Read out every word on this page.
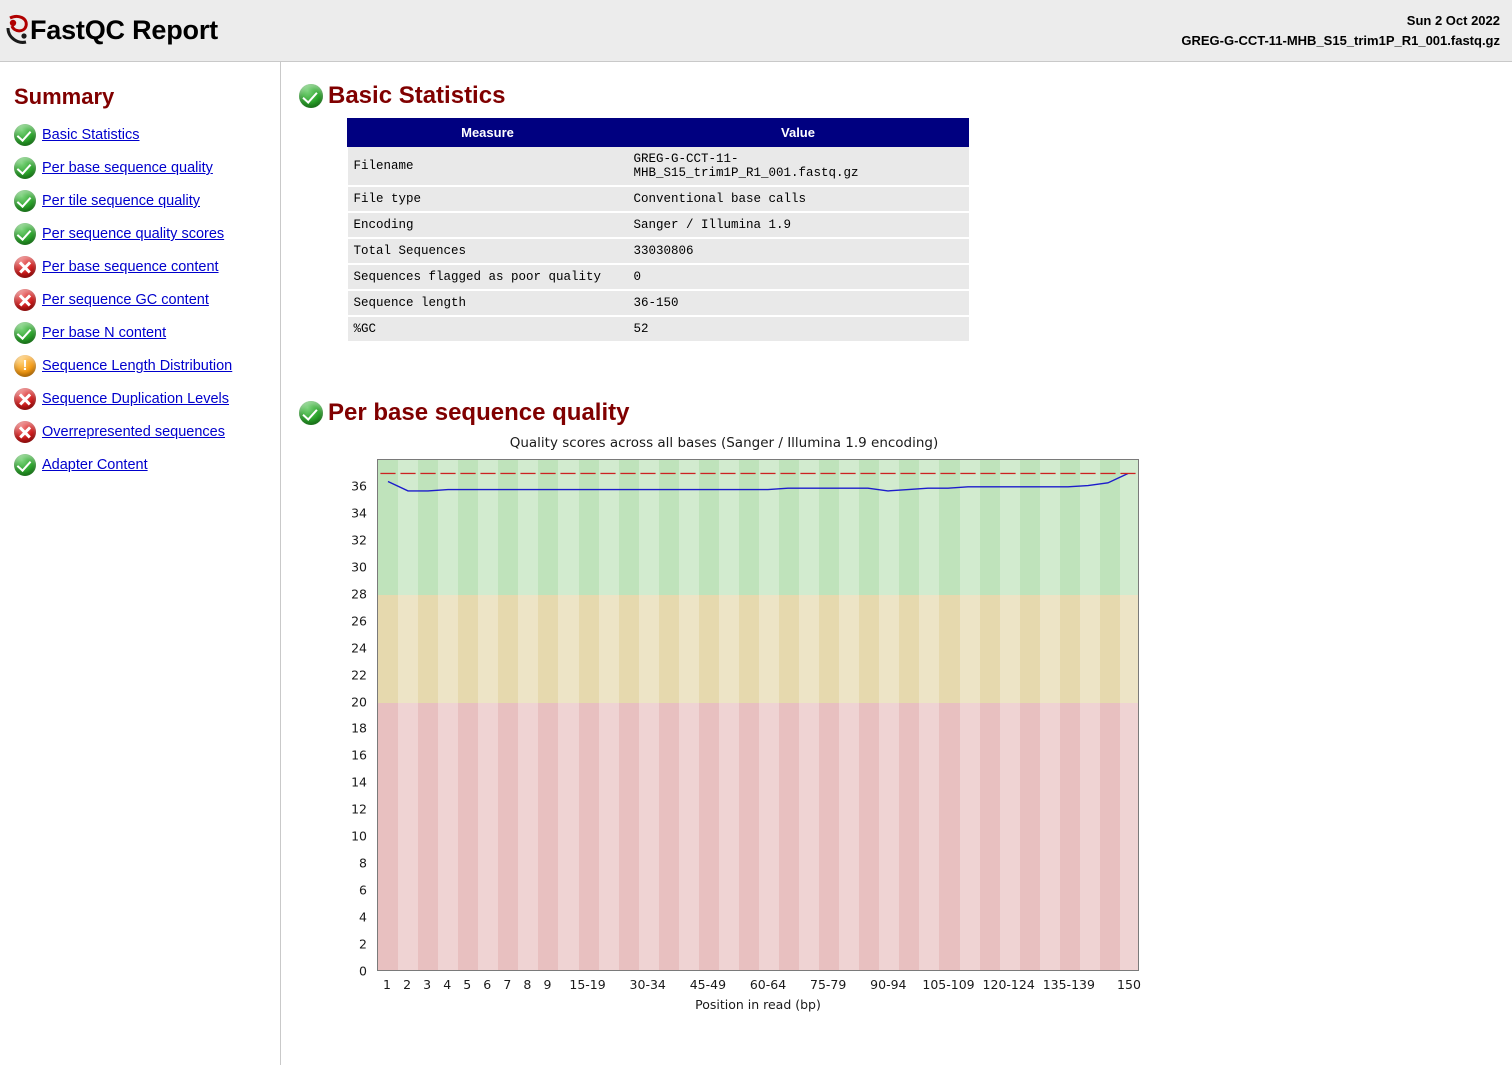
FastQC Report	Sun 2 Oct 2022
GREG-G-CCT-11-MHB_S15_trim1P_R1_001.fastq.gz
Summary
Basic Statistics
Per base sequence quality
Per tile sequence quality
Per sequence quality scores
Per base sequence content
Per sequence GC content
Per base N content
!
Sequence Length Distribution
Sequence Duplication Levels
Overrepresented sequences
Adapter Content
Basic Statistics
Measure	Value
Filename	GREG-G-CCT-11-MHB_S15_trim1P_R1_001.fastq.gz
File type	Conventional base calls
Encoding	Sanger / Illumina 1.9
Total Sequences	33030806
Sequences flagged as poor quality	0
Sequence length	36-150
%GC	52
Per base sequence quality
Quality scores across all bases (Sanger / Illumina 1.9 encoding)
0
2
4
6
8
10
12
14
16
18
20
22
24
26
28
30
32
34
36
1 2 3 4 5 6 7 8 9 15-19 30-34 45-49 60-64 75-79 90-94 105-109 120-124 135-139 150
Position in read (bp)
